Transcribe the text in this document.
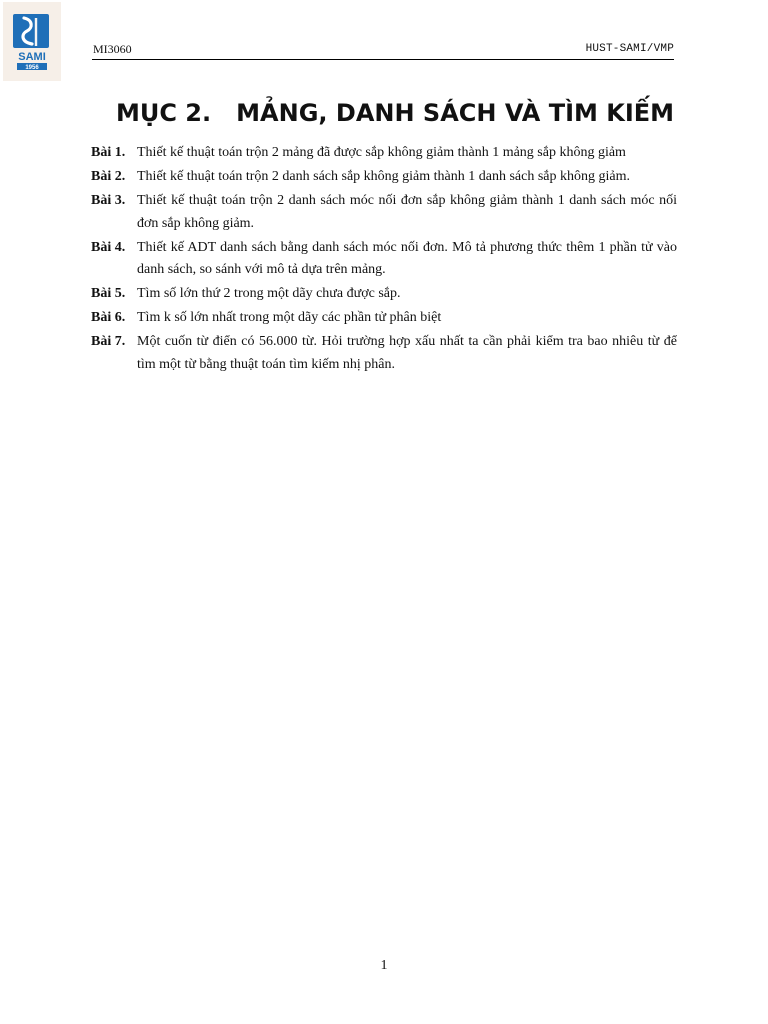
SAMI
1956
MI3060	HUST-SAMI/VMP
MỤC 2.   MẢNG, DANH SÁCH VÀ TÌM KIẾM
Bài 1. Thiết kế thuật toán trộn 2 mảng đã được sắp không giảm thành 1 mảng sắp không giảm
Bài 2. Thiết kế thuật toán trộn 2 danh sách sắp không giảm thành 1 danh sách sắp không giảm.
Bài 3. Thiết kế thuật toán trộn 2 danh sách móc nối đơn sắp không giảm thành 1 danh sách móc nối đơn sắp không giảm.
Bài 4. Thiết kế ADT danh sách bằng danh sách móc nối đơn. Mô tả phương thức thêm 1 phần tử vào danh sách, so sánh với mô tả dựa trên mảng.
Bài 5. Tìm số lớn thứ 2 trong một dãy chưa được sắp.
Bài 6. Tìm k số lớn nhất trong một dãy các phần tử phân biệt
Bài 7. Một cuốn từ điển có 56.000 từ. Hỏi trường hợp xấu nhất ta cần phải kiểm tra bao nhiêu từ để tìm một từ bằng thuật toán tìm kiếm nhị phân.
1
